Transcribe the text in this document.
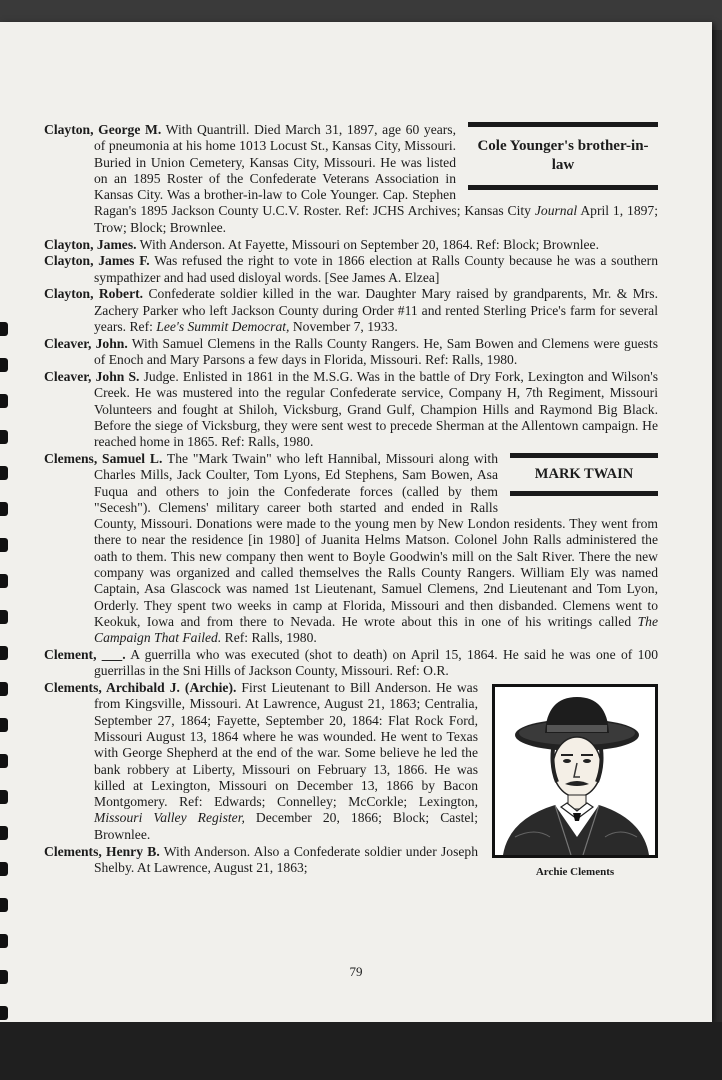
Cole Younger's brother-in-law
Clayton, George M. With Quantrill. Died March 31, 1897, age 60 years, of pneumonia at his home 1013 Locust St., Kansas City, Missouri. Buried in Union Cemetery, Kansas City, Missouri. He was listed on an 1895 Roster of the Confederate Veterans Association in Kansas City. Was a brother-in-law to Cole Younger. Cap. Stephen Ragan's 1895 Jackson County U.C.V. Roster. Ref: JCHS Archives; Kansas City Journal April 1, 1897; Trow; Block; Brownlee.

Clayton, James. With Anderson. At Fayette, Missouri on September 20, 1864. Ref: Block; Brownlee.

Clayton, James F. Was refused the right to vote in 1866 election at Ralls County because he was a southern sympathizer and had used disloyal words. [See James A. Elzea]

Clayton, Robert. Confederate soldier killed in the war. Daughter Mary raised by grandparents, Mr. & Mrs. Zachery Parker who left Jackson County during Order #11 and rented Sterling Price's farm for several years. Ref: Lee's Summit Democrat, November 7, 1933.

Cleaver, John. With Samuel Clemens in the Ralls County Rangers. He, Sam Bowen and Clemens were guests of Enoch and Mary Parsons a few days in Florida, Missouri. Ref: Ralls, 1980.

Cleaver, John S. Judge. Enlisted in 1861 in the M.S.G. Was in the battle of Dry Fork, Lexington and Wilson's Creek. He was mustered into the regular Confederate service, Company H, 7th Regiment, Missouri Volunteers and fought at Shiloh, Vicksburg, Grand Gulf, Champion Hills and Raymond Big Black. Before the siege of Vicksburg, they were sent west to precede Sherman at the Allentown campaign. He reached home in 1865. Ref: Ralls, 1980.

MARK TWAIN
Clemens, Samuel L. The "Mark Twain" who left Hannibal, Missouri along with Charles Mills, Jack Coulter, Tom Lyons, Ed Stephens, Sam Bowen, Asa Fuqua and others to join the Confederate forces (called by them "Secesh"). Clemens' military career both started and ended in Ralls County, Missouri. Donations were made to the young men by New London residents. They went from there to near the residence [in 1980] of Juanita Helms Matson. Colonel John Ralls administered the oath to them. This new company then went to Boyle Goodwin's mill on the Salt River. There the new company was organized and called themselves the Ralls County Rangers. William Ely was named Captain, Asa Glascock was named 1st Lieutenant, Samuel Clemens, 2nd Lieutenant and Tom Lyon, Orderly. They spent two weeks in camp at Florida, Missouri and then disbanded. Clemens went to Keokuk, Iowa and from there to Nevada. He wrote about this in one of his writings called The Campaign That Failed. Ref: Ralls, 1980.

Clement, ___. A guerrilla who was executed (shot to death) on April 15, 1864. He said he was one of 100 guerrillas in the Sni Hills of Jackson County, Missouri. Ref: O.R.

Archie Clements
Clements, Archibald J. (Archie). First Lieutenant to Bill Anderson. He was from Kingsville, Missouri. At Lawrence, August 21, 1863; Centralia, September 27, 1864; Fayette, September 20, 1864: Flat Rock Ford, Missouri August 13, 1864 where he was wounded. He went to Texas with George Shepherd at the end of the war. Some believe he led the bank robbery at Liberty, Missouri on February 13, 1866. He was killed at Lexington, Missouri on December 13, 1866 by Bacon Montgomery. Ref: Edwards; Connelley; McCorkle; Lexington, Missouri Valley Register, December 20, 1866; Block; Castel; Brownlee.

Clements, Henry B. With Anderson. Also a Confederate soldier under Joseph Shelby. At Lawrence, August 21, 1863;

79
